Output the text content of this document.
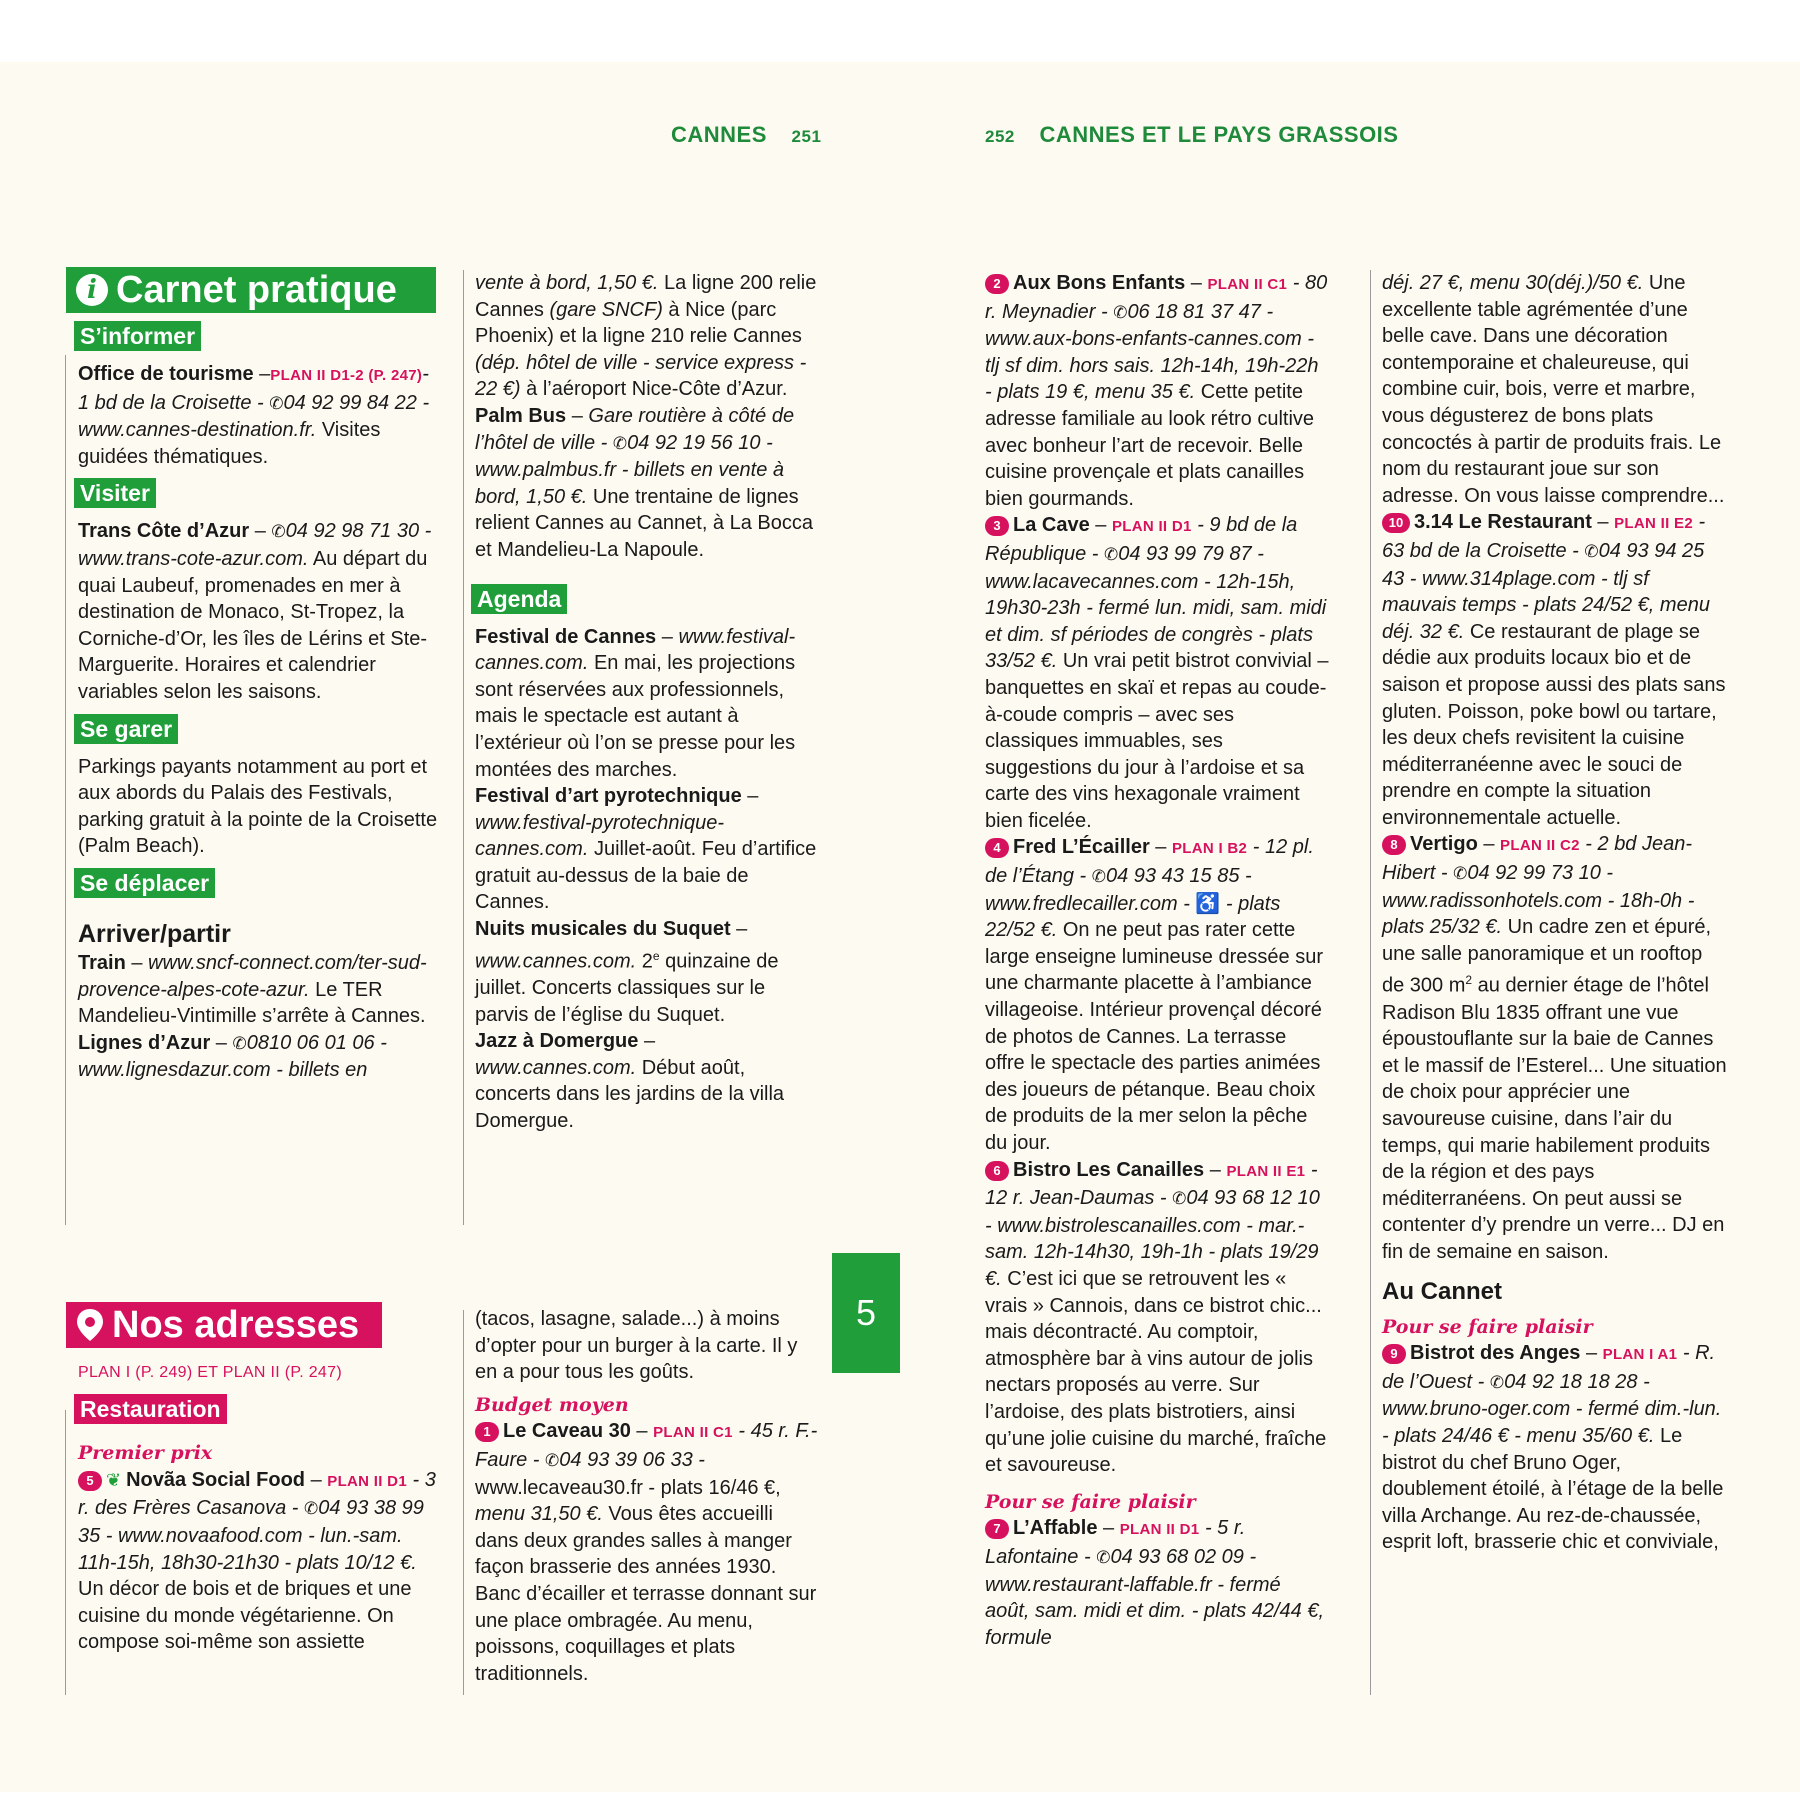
CANNES 251	252 CANNES ET LE PAYS GRASSOIS
i Carnet pratique
S’informer

Office de tourisme –PLAN II D1-2 (P. 247)- 1 bd de la Croisette - ✆04 92 99 84 22 - www.cannes-destination.fr. Visites guidées thématiques.

Visiter

Trans Côte d’Azur – ✆04 92 98 71 30 - www.trans-cote-azur.com. Au départ du quai Laubeuf, promenades en mer à destination de Monaco, St-Tropez, la Corniche-d’Or, les îles de Lérins et Ste-Marguerite. Horaires et calendrier variables selon les saisons.

Se garer

Parkings payants notamment au port et aux abords du Palais des Festivals, parking gratuit à la pointe de la Croisette (Palm Beach).

Se déplacer
Arriver/partir

Train – www.sncf-connect.com/ter-sud-provence-alpes-cote-azur. Le TER Mandelieu-Vintimille s’arrête à Cannes.

Lignes d’Azur – ✆0810 06 01 06 - www.lignesdazur.com - billets en

vente à bord, 1,50 €. La ligne 200 relie Cannes (gare SNCF) à Nice (parc Phoenix) et la ligne 210 relie Cannes (dép. hôtel de ville - service express - 22 €) à l’aéroport Nice-Côte d’Azur.

Palm Bus – Gare routière à côté de l’hôtel de ville - ✆04 92 19 56 10 - www.palmbus.fr - billets en vente à bord, 1,50 €. Une trentaine de lignes relient Cannes au Cannet, à La Bocca et Mandelieu-La Napoule.

Agenda

Festival de Cannes – www.festival-cannes.com. En mai, les projections sont réservées aux professionnels, mais le spectacle est autant à l’extérieur où l’on se presse pour les montées des marches.

Festival d’art pyrotechnique – www.festival-pyrotechnique-cannes.com. Juillet-août. Feu d’artifice gratuit au-dessus de la baie de Cannes.

Nuits musicales du Suquet – www.cannes.com. 2e quinzaine de juillet. Concerts classiques sur le parvis de l’église du Suquet.

Jazz à Domergue – www.cannes.com. Début août, concerts dans les jardins de la villa Domergue.

Nos adresses
PLAN I (P. 249) ET PLAN II (P. 247)
Restauration
Premier prix

5 ❦ Novãa Social Food – PLAN II D1 - 3 r. des Frères Casanova - ✆04 93 38 99 35 - www.novaafood.com - lun.-sam. 11h-15h, 18h30-21h30 - plats 10/12 €. Un décor de bois et de briques et une cuisine du monde végétarienne. On compose soi-même son assiette

(tacos, lasagne, salade...) à moins d’opter pour un burger à la carte. Il y en a pour tous les goûts.

Budget moyen

1 Le Caveau 30 – PLAN II C1 - 45 r. F.-Faure - ✆04 93 39 06 33 - www.lecaveau30.fr - plats 16/46 €, menu 31,50 €. Vous êtes accueilli dans deux grandes salles à manger façon brasserie des années 1930. Banc d’écailler et terrasse donnant sur une place ombragée. Au menu, poissons, coquillages et plats traditionnels.

5

2 Aux Bons Enfants – PLAN II C1 - 80 r. Meynadier - ✆06 18 81 37 47 - www.aux-bons-enfants-cannes.com - tlj sf dim. hors sais. 12h-14h, 19h-22h - plats 19 €, menu 35 €. Cette petite adresse familiale au look rétro cultive avec bonheur l’art de recevoir. Belle cuisine provençale et plats canailles bien gourmands.

3 La Cave – PLAN II D1 - 9 bd de la République - ✆04 93 99 79 87 - www.lacavecannes.com - 12h-15h, 19h30-23h - fermé lun. midi, sam. midi et dim. sf périodes de congrès - plats 33/52 €. Un vrai petit bistrot convivial – banquettes en skaï et repas au coude-à-coude compris – avec ses classiques immuables, ses suggestions du jour à l’ardoise et sa carte des vins hexagonale vraiment bien ficelée.

4 Fred L’Écailler – PLAN I B2 - 12 pl. de l’Étang - ✆04 93 43 15 85 - www.fredlecailler.com - ♿ - plats 22/52 €. On ne peut pas rater cette large enseigne lumineuse dressée sur une charmante placette à l’ambiance villageoise. Intérieur provençal décoré de photos de Cannes. La terrasse offre le spectacle des parties animées des joueurs de pétanque. Beau choix de produits de la mer selon la pêche du jour.

6 Bistro Les Canailles – PLAN II E1 - 12 r. Jean-Daumas - ✆04 93 68 12 10 - www.bistrolescanailles.com - mar.-sam. 12h-14h30, 19h-1h - plats 19/29 €. C’est ici que se retrouvent les « vrais » Cannois, dans ce bistrot chic... mais décontracté. Au comptoir, atmosphère bar à vins autour de jolis nectars proposés au verre. Sur l’ardoise, des plats bistrotiers, ainsi qu’une jolie cuisine du marché, fraîche et savoureuse.

Pour se faire plaisir

7 L’Affable – PLAN II D1 - 5 r. Lafontaine - ✆04 93 68 02 09 - www.restaurant-laffable.fr - fermé août, sam. midi et dim. - plats 42/44 €, formule

déj. 27 €, menu 30(déj.)/50 €. Une excellente table agrémentée d’une belle cave. Dans une décoration contemporaine et chaleureuse, qui combine cuir, bois, verre et marbre, vous dégusterez de bons plats concoctés à partir de produits frais. Le nom du restaurant joue sur son adresse. On vous laisse comprendre...

10 3.14 Le Restaurant – PLAN II E2 - 63 bd de la Croisette - ✆04 93 94 25 43 - www.314plage.com - tlj sf mauvais temps - plats 24/52 €, menu déj. 32 €. Ce restaurant de plage se dédie aux produits locaux bio et de saison et propose aussi des plats sans gluten. Poisson, poke bowl ou tartare, les deux chefs revisitent la cuisine méditerranéenne avec le souci de prendre en compte la situation environnementale actuelle.

8 Vertigo – PLAN II C2 - 2 bd Jean-Hibert - ✆04 92 99 73 10 - www.radissonhotels.com - 18h-0h - plats 25/32 €. Un cadre zen et épuré, une salle panoramique et un rooftop de 300 $m^2$ au dernier étage de l’hôtel Radison Blu 1835 offrant une vue époustouflante sur la baie de Cannes et le massif de l’Esterel... Une situation de choix pour apprécier une savoureuse cuisine, dans l’air du temps, qui marie habilement produits de la région et des pays méditerranéens. On peut aussi se contenter d’y prendre un verre... DJ en fin de semaine en saison.

Au Cannet
Pour se faire plaisir

9 Bistrot des Anges – PLAN I A1 - R. de l’Ouest - ✆04 92 18 18 28 - www.bruno-oger.com - fermé dim.-lun. - plats 24/46 € - menu 35/60 €. Le bistrot du chef Bruno Oger, doublement étoilé, à l’étage de la belle villa Archange. Au rez-de-chaussée, esprit loft, brasserie chic et conviviale,
